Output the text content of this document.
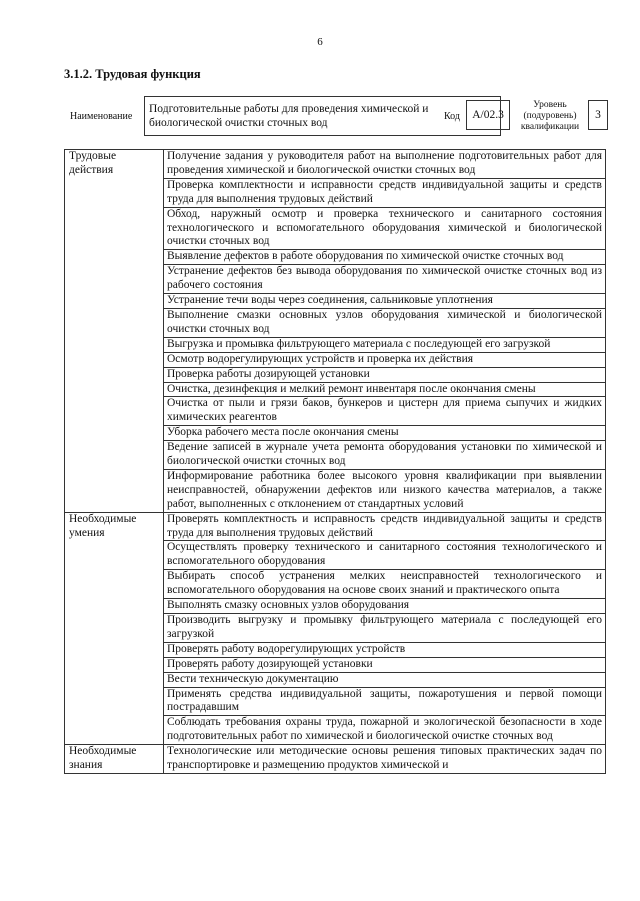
6
3.1.2. Трудовая функция
Наименование
Подготовительные работы для проведения химической и биологической очистки сточных вод
Код А/02.3
Уровень (подуровень) квалификации
3
Трудовые действия	Получение задания у руководителя работ на выполнение подготовительных работ для проведения химической и биологической очистки сточных вод
	Проверка комплектности и исправности средств индивидуальной защиты и средств труда для выполнения трудовых действий
	Обход, наружный осмотр и проверка технического и санитарного состояния технологического и вспомогательного оборудования химической и биологической очистки сточных вод
	Выявление дефектов в работе оборудования по химической очистке сточных вод
	Устранение дефектов без вывода оборудования по химической очистке сточных вод из рабочего состояния
	Устранение течи воды через соединения, сальниковые уплотнения
	Выполнение смазки основных узлов оборудования химической и биологической очистки сточных вод
	Выгрузка и промывка фильтрующего материала с последующей его загрузкой
	Осмотр водорегулирующих устройств и проверка их действия
	Проверка работы дозирующей установки
	Очистка, дезинфекция и мелкий ремонт инвентаря после окончания смены
	Очистка от пыли и грязи баков, бункеров и цистерн для приема сыпучих и жидких химических реагентов
	Уборка рабочего места после окончания смены
	Ведение записей в журнале учета ремонта оборудования установки по химической и биологической очистки сточных вод
	Информирование работника более высокого уровня квалификации при выявлении неисправностей, обнаружении дефектов или низкого качества материалов, а также работ, выполненных с отклонением от стандартных условий
Необходимые умения	Проверять комплектность и исправность средств индивидуальной защиты и средств труда для выполнения трудовых действий
	Осуществлять проверку технического и санитарного состояния технологического и вспомогательного оборудования
	Выбирать способ устранения мелких неисправностей технологического и вспомогательного оборудования на основе своих знаний и практического опыта
	Выполнять смазку основных узлов оборудования
	Производить выгрузку и промывку фильтрующего материала с последующей его загрузкой
	Проверять работу водорегулирующих устройств
	Проверять работу дозирующей установки
	Вести техническую документацию
	Применять средства индивидуальной защиты, пожаротушения и первой помощи пострадавшим
	Соблюдать требования охраны труда, пожарной и экологической безопасности в ходе подготовительных работ по химической и биологической очистке сточных вод
Необходимые знания	Технологические или методические основы решения типовых практических задач по транспортировке и размещению продуктов химической и
